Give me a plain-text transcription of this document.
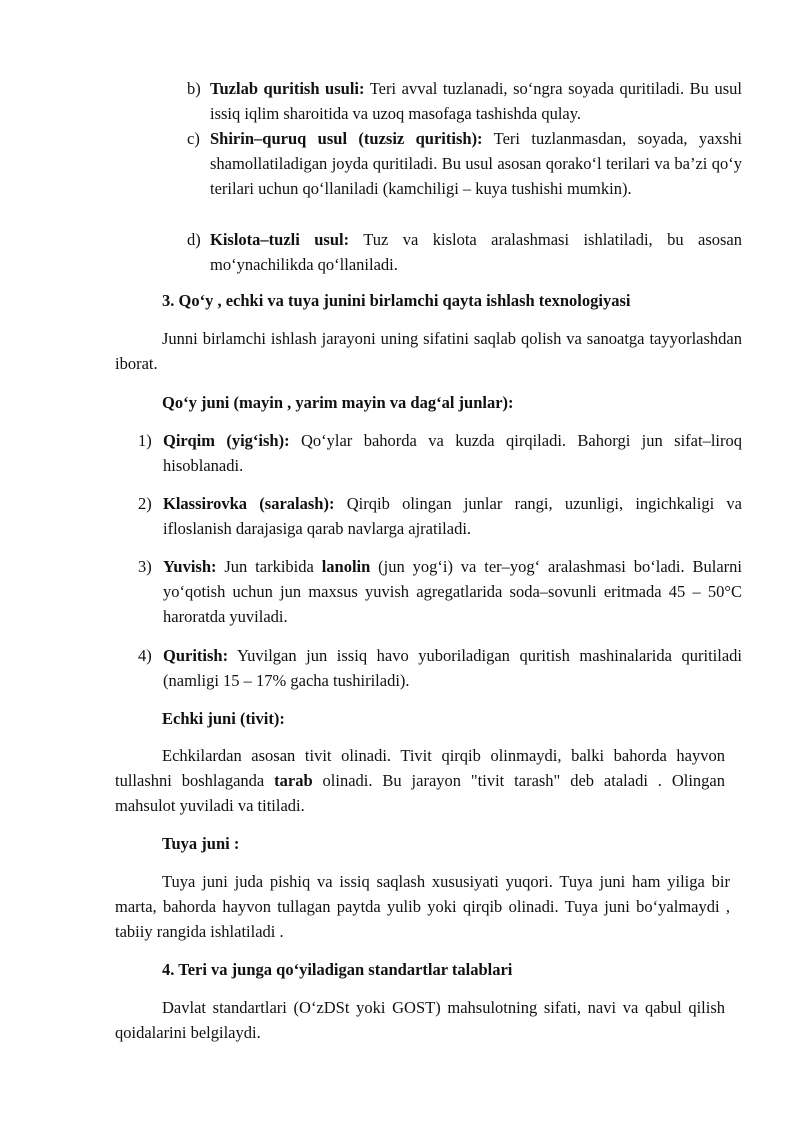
b) Tuzlab quritish usuli: Teri avval tuzlanadi, so‘ngra soyada quritiladi. Bu usul issiq iqlim sharoitida va uzoq masofaga tashishda qulay.

c) Shirin–quruq usul (tuzsiz quritish): Teri tuzlanmasdan, soyada, yaxshi shamollatiladigan joyda quritiladi. Bu usul asosan qorako‘l terilari va ba’zi qo‘y terilari uchun qo‘llaniladi (kamchiligi – kuya tushishi mumkin).

d) Kislota–tuzli usul: Tuz va kislota aralashmasi ishlatiladi, bu asosan mo‘ynachilikda qo‘llaniladi.

3. Qo‘y , echki va tuya junini birlamchi qayta ishlash texnologiyasi

Junni birlamchi ishlash jarayoni uning sifatini saqlab qolish va sanoatga tayyorlashdan iborat.

Qo‘y juni (mayin , yarim mayin va dag‘al junlar):

1) Qirqim (yig‘ish): Qo‘ylar bahorda va kuzda qirqiladi. Bahorgi jun sifat–liroq hisoblanadi.

2) Klassirovka (saralash): Qirqib olingan junlar rangi, uzunligi, ingichkaligi va ifloslanish darajasiga qarab navlarga ajratiladi.

3) Yuvish: Jun tarkibida lanolin (jun yog‘i) va ter–yog‘ aralashmasi bo‘ladi. Bularni yo‘qotish uchun jun maxsus yuvish agregatlarida soda–sovunli eritmada 45 – 50°C haroratda yuviladi.

4) Quritish: Yuvilgan jun issiq havo yuboriladigan quritish mashinalarida quritiladi (namligi 15 – 17% gacha tushiriladi).

Echki juni (tivit):

Echkilardan asosan tivit olinadi. Tivit qirqib olinmaydi, balki bahorda hayvon tullashni boshlaganda tarab olinadi. Bu jarayon "tivit tarash" deb ataladi . Olingan mahsulot yuviladi va titiladi.

Tuya juni :

Tuya juni juda pishiq va issiq saqlash xususiyati yuqori. Tuya juni ham yiliga bir marta, bahorda hayvon tullagan paytda yulib yoki qirqib olinadi. Tuya juni bo‘yalmaydi , tabiiy rangida ishlatiladi .

4. Teri va junga qo‘yiladigan standartlar talablari

Davlat standartlari (O‘zDSt yoki GOST) mahsulotning sifati, navi va qabul qilish qoidalarini belgilaydi.
